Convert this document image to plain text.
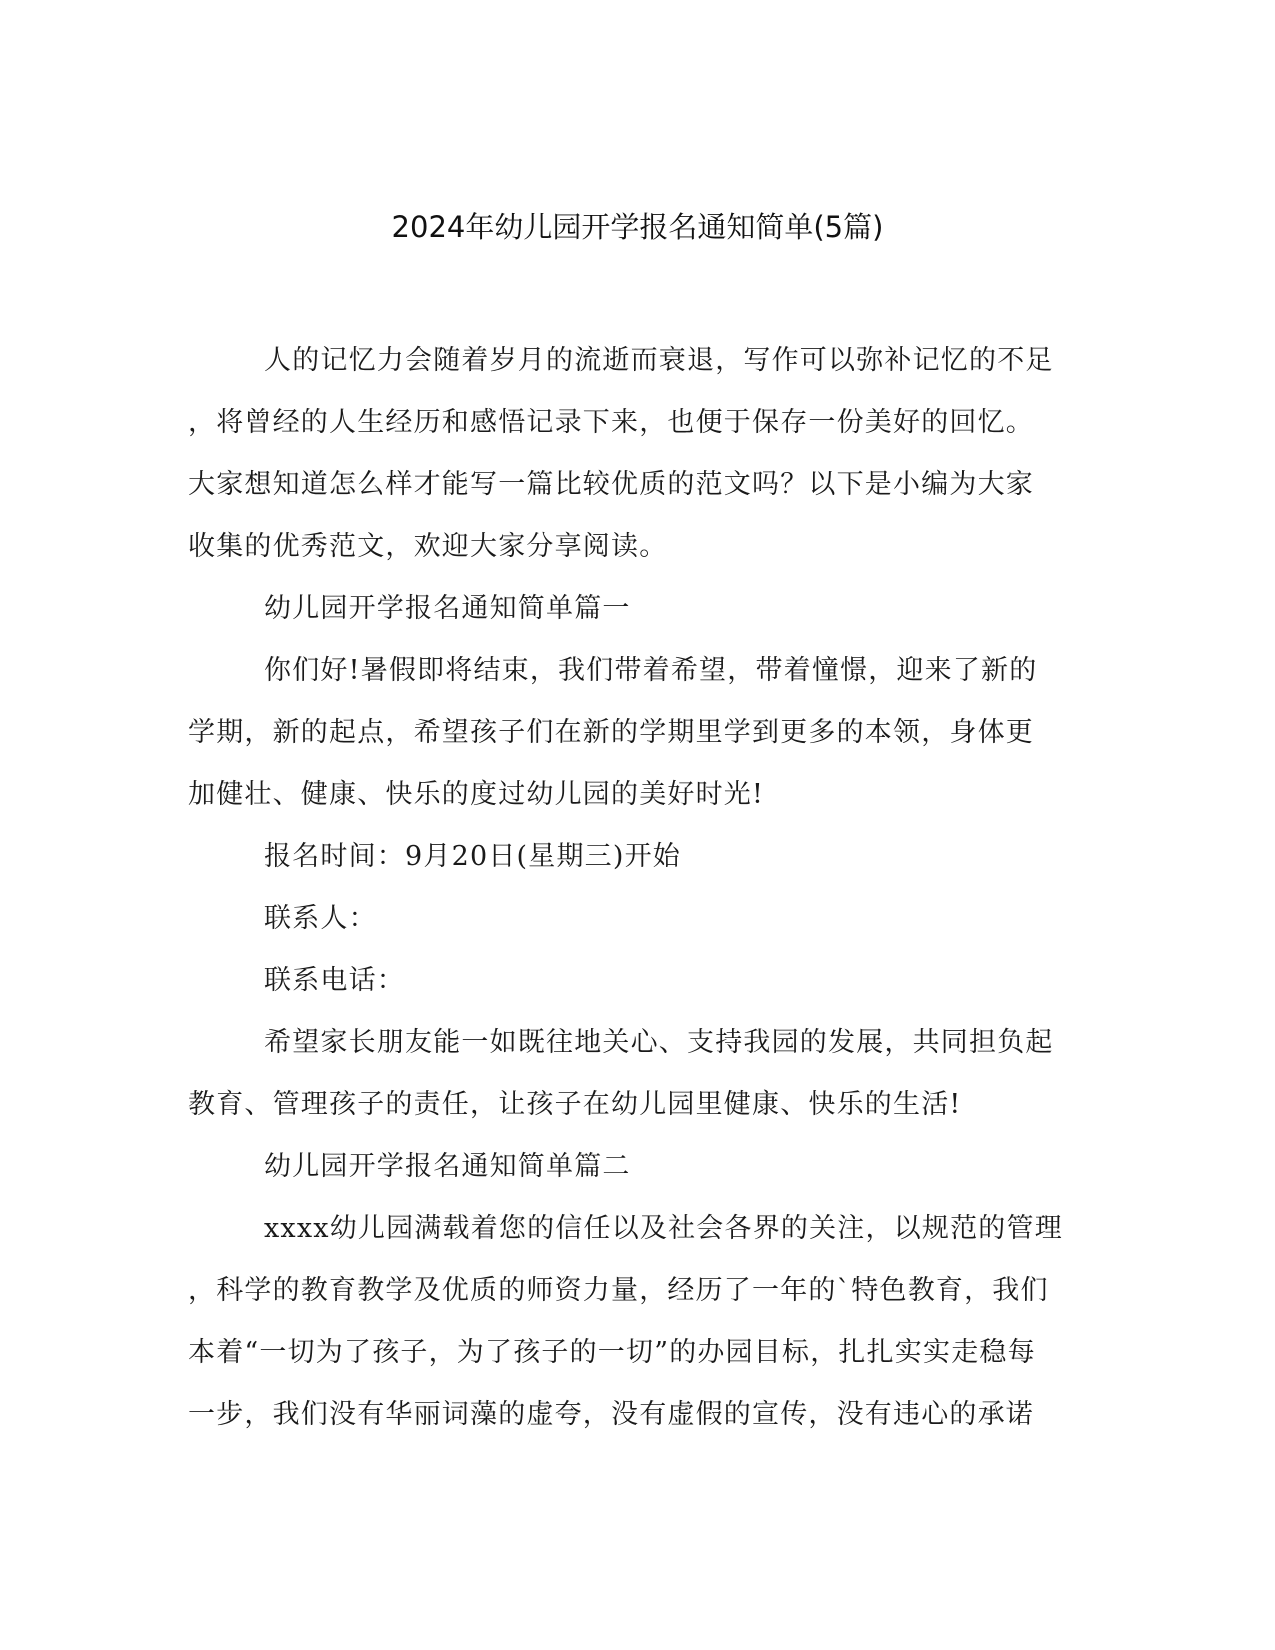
2024年幼儿园开学报名通知简单(5篇)
人的记忆力会随着岁月的流逝而衰退，写作可以弥补记忆的不足
，将曾经的人生经历和感悟记录下来，也便于保存一份美好的回忆。
大家想知道怎么样才能写一篇比较优质的范文吗？以下是小编为大家
收集的优秀范文，欢迎大家分享阅读。
幼儿园开学报名通知简单篇一
你们好!暑假即将结束，我们带着希望，带着憧憬，迎来了新的
学期，新的起点，希望孩子们在新的学期里学到更多的本领，身体更
加健壮、健康、快乐的度过幼儿园的美好时光!
报名时间：9月20日(星期三)开始
联系人：
联系电话：
希望家长朋友能一如既往地关心、支持我园的发展，共同担负起
教育、管理孩子的责任，让孩子在幼儿园里健康、快乐的生活!
幼儿园开学报名通知简单篇二
xxxx幼儿园满载着您的信任以及社会各界的关注，以规范的管理
，科学的教育教学及优质的师资力量，经历了一年的`特色教育，我们
本着“一切为了孩子，为了孩子的一切”的办园目标，扎扎实实走稳每
一步，我们没有华丽词藻的虚夸，没有虚假的宣传，没有违心的承诺
